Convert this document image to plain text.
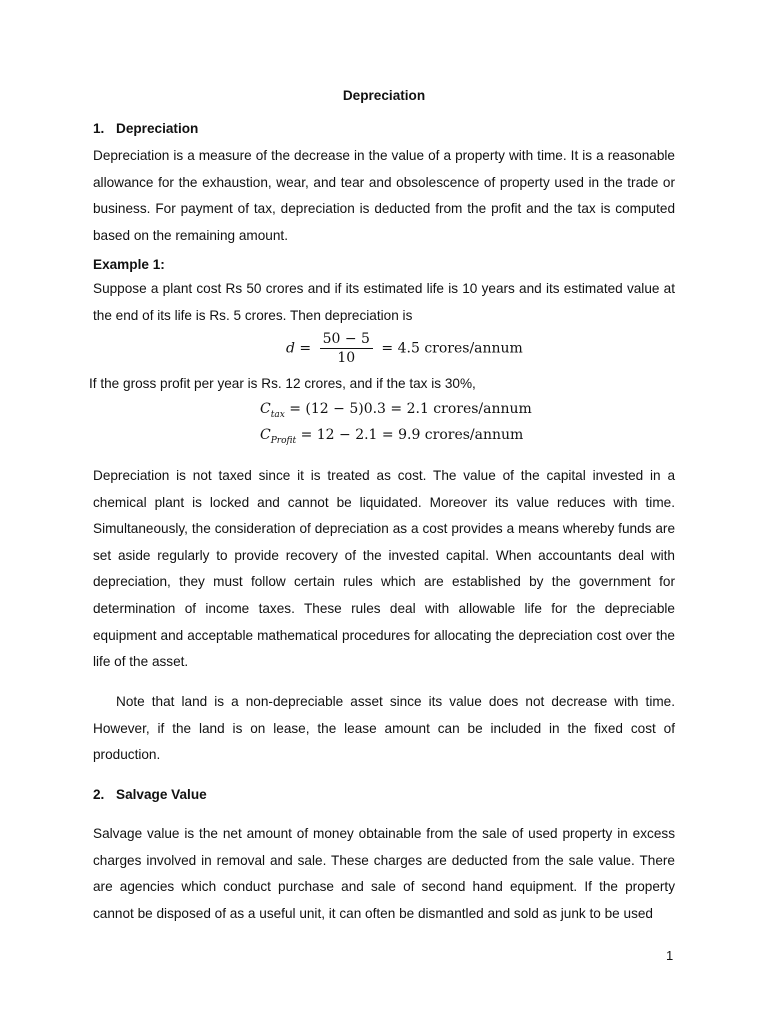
Depreciation
1. Depreciation
Depreciation is a measure of the decrease in the value of a property with time. It is a reasonable allowance for the exhaustion, wear, and tear and obsolescence of property used in the trade or business. For payment of tax, depreciation is deducted from the profit and the tax is computed based on the remaining amount.
Example 1:
Suppose a plant cost Rs 50 crores and if its estimated life is 10 years and its estimated value at the end of its life is Rs. 5 crores. Then depreciation is
$d = \frac{50 - 5}{10} = 4.5$ crores/annum
If the gross profit per year is Rs. 12 crores, and if the tax is 30%,
$C_{tax} = (12 - 5)0.3 = 2.1$ crores/annum
$C_{Profit} = 12 - 2.1 = 9.9$ crores/annum
Depreciation is not taxed since it is treated as cost. The value of the capital invested in a chemical plant is locked and cannot be liquidated. Moreover its value reduces with time. Simultaneously, the consideration of depreciation as a cost provides a means whereby funds are set aside regularly to provide recovery of the invested capital. When accountants deal with depreciation, they must follow certain rules which are established by the government for determination of income taxes. These rules deal with allowable life for the depreciable equipment and acceptable mathematical procedures for allocating the depreciation cost over the life of the asset.
Note that land is a non-depreciable asset since its value does not decrease with time. However, if the land is on lease, the lease amount can be included in the fixed cost of production.
2. Salvage Value
Salvage value is the net amount of money obtainable from the sale of used property in excess charges involved in removal and sale. These charges are deducted from the sale value. There are agencies which conduct purchase and sale of second hand equipment. If the property cannot be disposed of as a useful unit, it can often be dismantled and sold as junk to be used
1
